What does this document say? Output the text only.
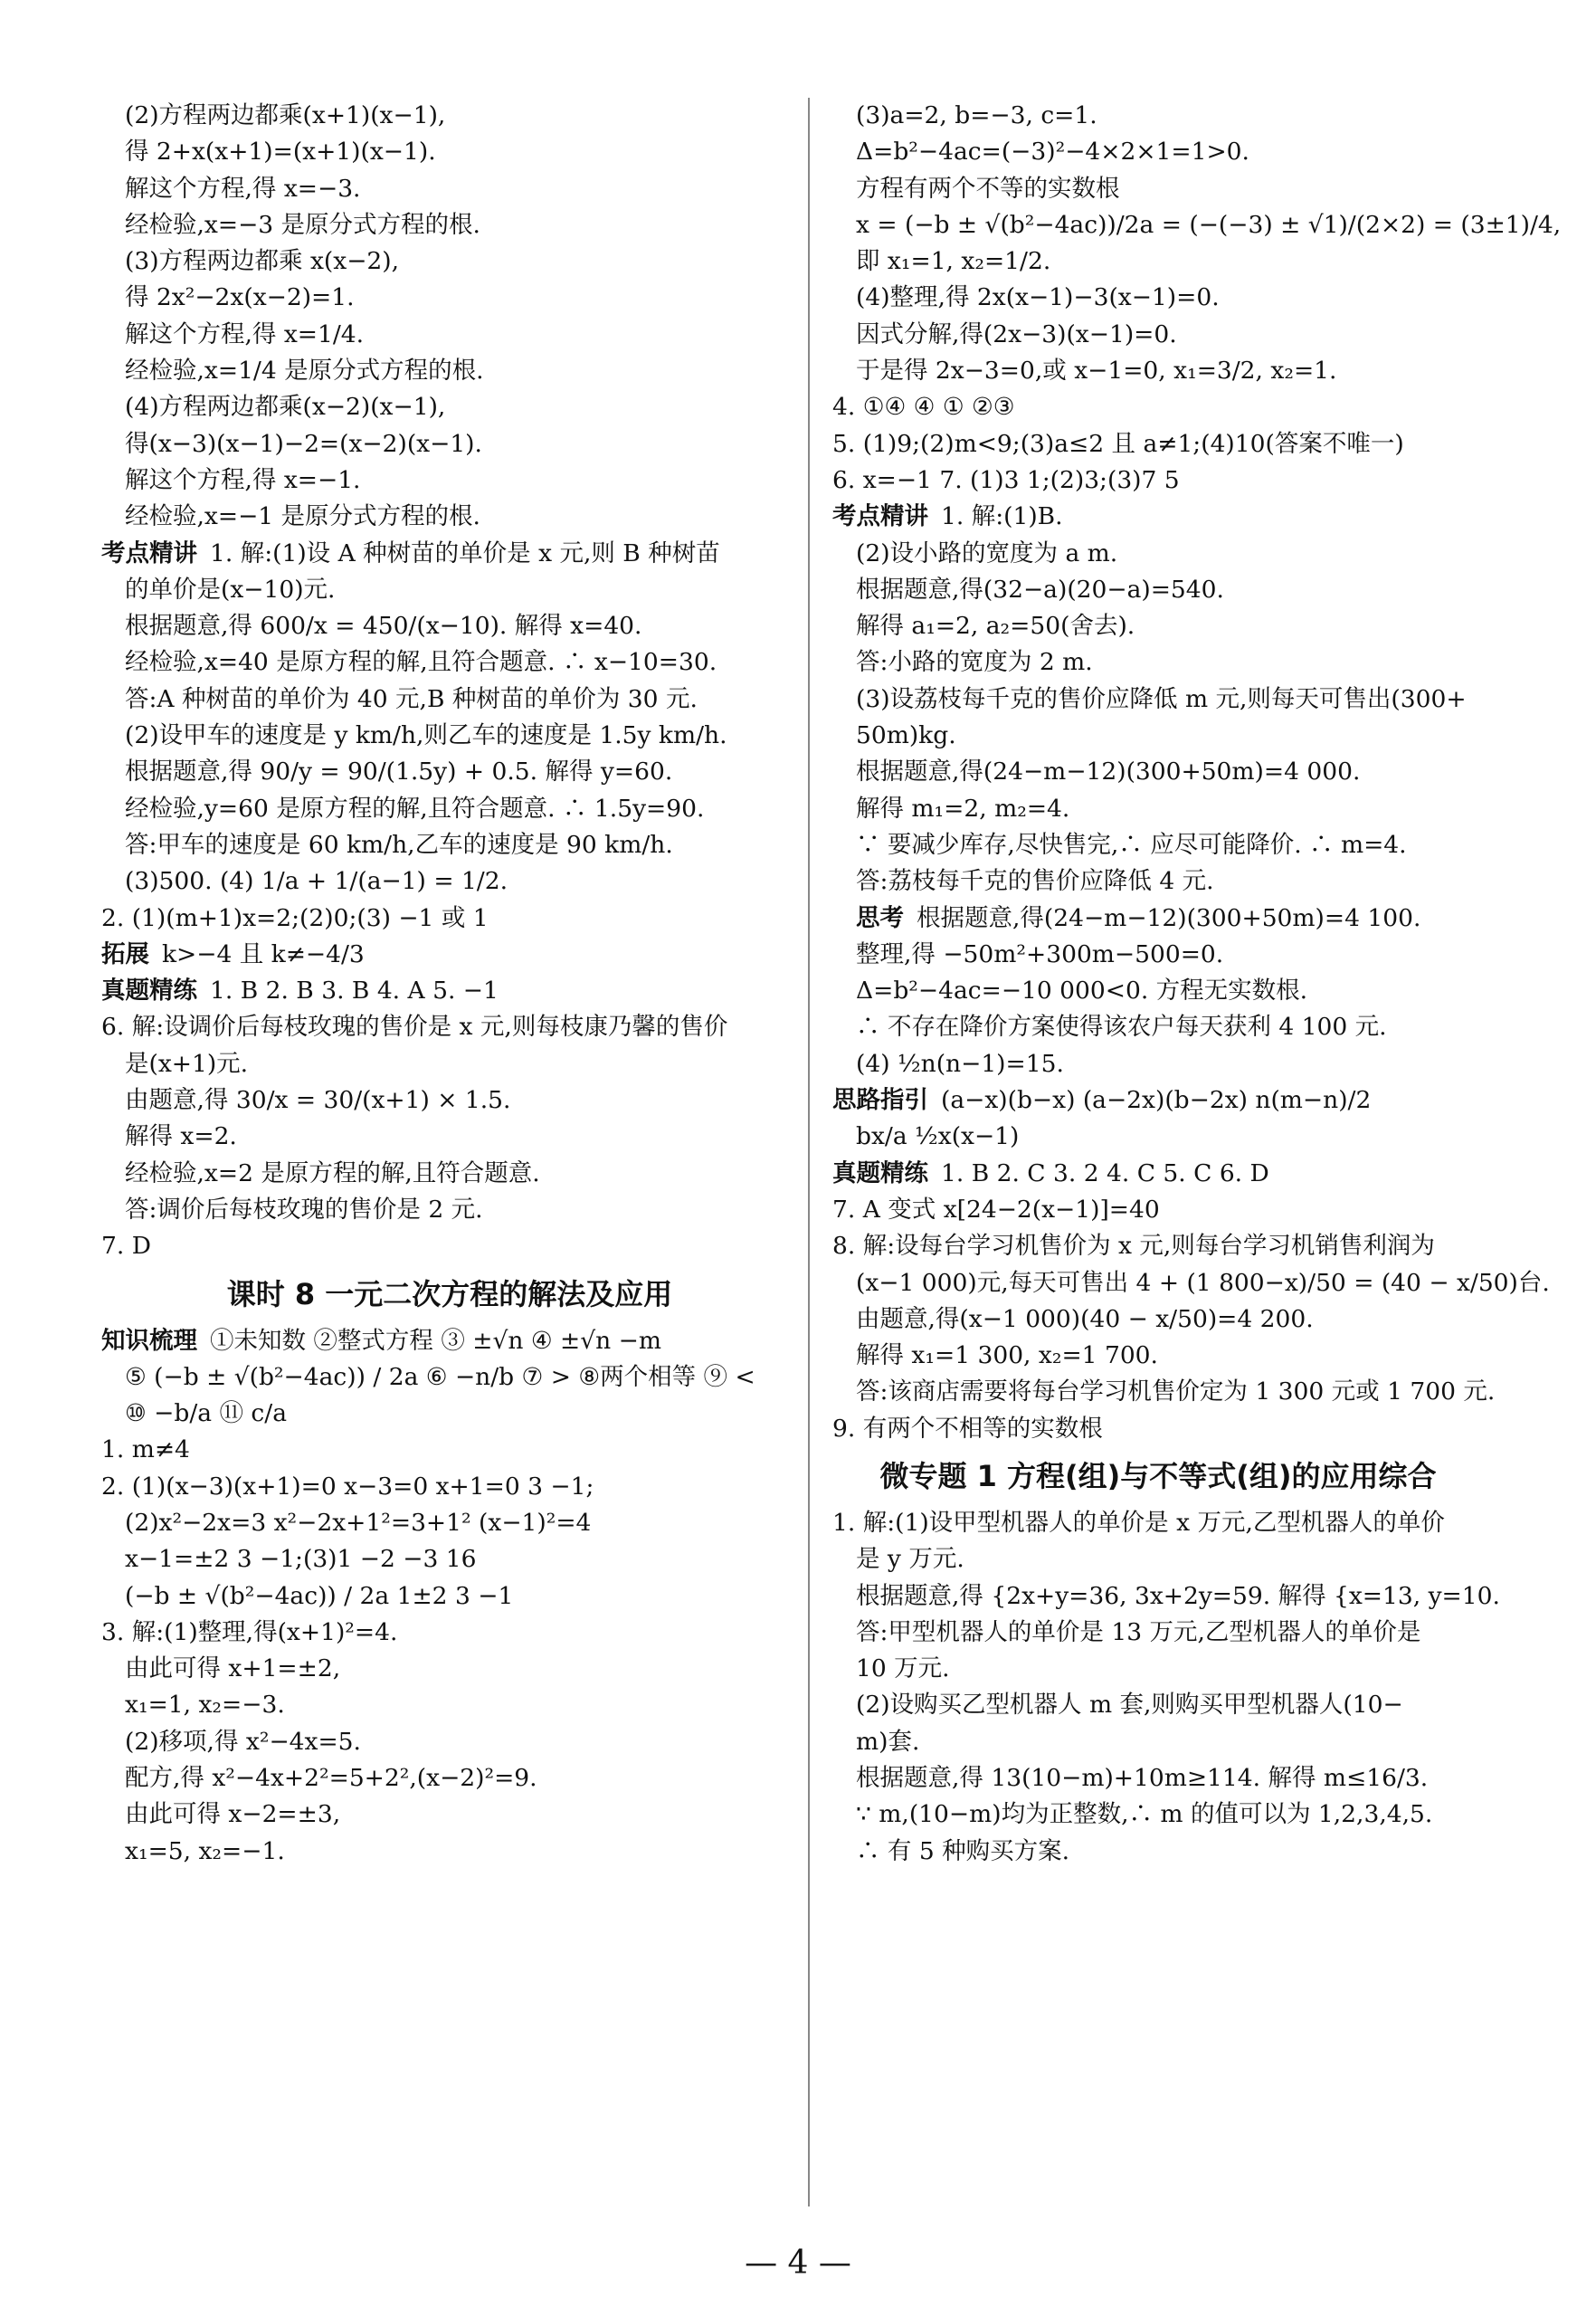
(2)方程两边都乘(x+1)(x−1),
得 2+x(x+1)=(x+1)(x−1).
解这个方程,得 x=−3.
经检验,x=−3 是原分式方程的根.
(3)方程两边都乘 x(x−2),
得 2x²−2x(x−2)=1.
解这个方程,得 x=1/4.
经检验,x=1/4 是原分式方程的根.
(4)方程两边都乘(x−2)(x−1),
得(x−3)(x−1)−2=(x−2)(x−1).
解这个方程,得 x=−1.
经检验,x=−1 是原分式方程的根.
考点精讲 1. 解:(1)设 A 种树苗的单价是 x 元,则 B 种树苗
的单价是(x−10)元.
根据题意,得 600/x = 450/(x−10). 解得 x=40.
经检验,x=40 是原方程的解,且符合题意. ∴ x−10=30.
答:A 种树苗的单价为 40 元,B 种树苗的单价为 30 元.
(2)设甲车的速度是 y km/h,则乙车的速度是 1.5y km/h.
根据题意,得 90/y = 90/(1.5y) + 0.5. 解得 y=60.
经检验,y=60 是原方程的解,且符合题意. ∴ 1.5y=90.
答:甲车的速度是 60 km/h,乙车的速度是 90 km/h.
(3)500. (4) 1/a + 1/(a−1) = 1/2.
2. (1)(m+1)x=2;(2)0;(3) −1 或 1
拓展 k>−4 且 k≠−4/3
真题精练 1. B 2. B 3. B 4. A 5. −1
6. 解:设调价后每枝玫瑰的售价是 x 元,则每枝康乃馨的售价
是(x+1)元.
由题意,得 30/x = 30/(x+1) × 1.5.
解得 x=2.
经检验,x=2 是原方程的解,且符合题意.
答:调价后每枝玫瑰的售价是 2 元.
7. D
课时 8 一元二次方程的解法及应用
知识梳理 ①未知数 ②整式方程 ③ ±√n ④ ±√n −m
⑤ (−b ± √(b²−4ac)) / 2a ⑥ −n/b ⑦ > ⑧两个相等 ⑨ <
⑩ −b/a ⑪ c/a
1. m≠4
2. (1)(x−3)(x+1)=0 x−3=0 x+1=0 3 −1;
(2)x²−2x=3 x²−2x+1²=3+1² (x−1)²=4
x−1=±2 3 −1;(3)1 −2 −3 16
(−b ± √(b²−4ac)) / 2a 1±2 3 −1
3. 解:(1)整理,得(x+1)²=4.
由此可得 x+1=±2,
x₁=1, x₂=−3.
(2)移项,得 x²−4x=5.
配方,得 x²−4x+2²=5+2²,(x−2)²=9.
由此可得 x−2=±3,
x₁=5, x₂=−1.
(3)a=2, b=−3, c=1.
Δ=b²−4ac=(−3)²−4×2×1=1>0.
方程有两个不等的实数根
x = (−b ± √(b²−4ac))/2a = (−(−3) ± √1)/(2×2) = (3±1)/4,
即 x₁=1, x₂=1/2.
(4)整理,得 2x(x−1)−3(x−1)=0.
因式分解,得(2x−3)(x−1)=0.
于是得 2x−3=0,或 x−1=0, x₁=3/2, x₂=1.
4. ①④ ④ ① ②③
5. (1)9;(2)m<9;(3)a≤2 且 a≠1;(4)10(答案不唯一)
6. x=−1 7. (1)3 1;(2)3;(3)7 5
考点精讲 1. 解:(1)B.
(2)设小路的宽度为 a m.
根据题意,得(32−a)(20−a)=540.
解得 a₁=2, a₂=50(舍去).
答:小路的宽度为 2 m.
(3)设荔枝每千克的售价应降低 m 元,则每天可售出(300+
50m)kg.
根据题意,得(24−m−12)(300+50m)=4 000.
解得 m₁=2, m₂=4.
∵ 要减少库存,尽快售完,∴ 应尽可能降价. ∴ m=4.
答:荔枝每千克的售价应降低 4 元.
思考 根据题意,得(24−m−12)(300+50m)=4 100.
整理,得 −50m²+300m−500=0.
Δ=b²−4ac=−10 000<0. 方程无实数根.
∴ 不存在降价方案使得该农户每天获利 4 100 元.
(4) ½n(n−1)=15.
思路指引 (a−x)(b−x) (a−2x)(b−2x) n(m−n)/2
bx/a ½x(x−1)
真题精练 1. B 2. C 3. 2 4. C 5. C 6. D
7. A 变式 x[24−2(x−1)]=40
8. 解:设每台学习机售价为 x 元,则每台学习机销售利润为
(x−1 000)元,每天可售出 4 + (1 800−x)/50 = (40 − x/50)台.
由题意,得(x−1 000)(40 − x/50)=4 200.
解得 x₁=1 300, x₂=1 700.
答:该商店需要将每台学习机售价定为 1 300 元或 1 700 元.
9. 有两个不相等的实数根
微专题 1 方程(组)与不等式(组)的应用综合
1. 解:(1)设甲型机器人的单价是 x 万元,乙型机器人的单价
是 y 万元.
根据题意,得 {2x+y=36, 3x+2y=59. 解得 {x=13, y=10.
答:甲型机器人的单价是 13 万元,乙型机器人的单价是
10 万元.
(2)设购买乙型机器人 m 套,则购买甲型机器人(10−
m)套.
根据题意,得 13(10−m)+10m≥114. 解得 m≤16/3.
∵ m,(10−m)均为正整数,∴ m 的值可以为 1,2,3,4,5.
∴ 有 5 种购买方案.
— 4 —
